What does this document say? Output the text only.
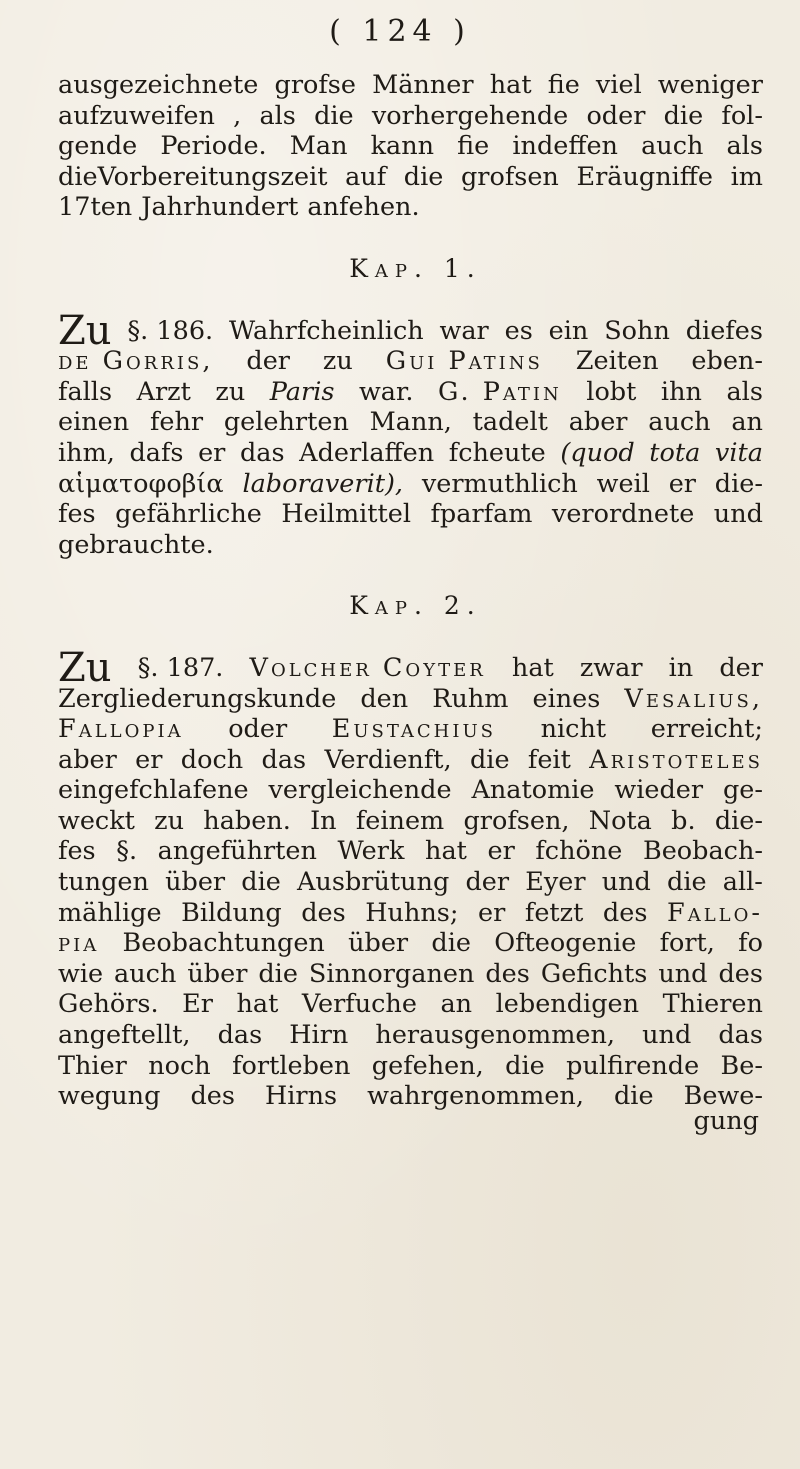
( 124 )
ausgezeichnete grofse Männer hat fie viel weniger
aufzuweifen , als die vorhergehende oder die fol-
gende Periode. Man kann fie indeffen auch als
dieVorbereitungszeit auf die grofsen Eräugniffe im
17ten Jahrhundert anfehen.
Kap. 1.
Zu §. 186. Wahrfcheinlich war es ein Sohn diefes
de Gorris, der zu Gui Patins Zeiten eben-
falls Arzt zu Paris war. G. Patin lobt ihn als
einen fehr gelehrten Mann, tadelt aber auch an
ihm, dafs er das Aderlaffen fcheute (quod tota vita
αἱματοφοβία laboraverit), vermuthlich weil er die-
fes gefährliche Heilmittel fparfam verordnete und
gebrauchte.
Kap. 2.
Zu §. 187. Volcher Coyter hat zwar in der
Zergliederungskunde den Ruhm eines Vesalius,
Fallopia oder Eustachius nicht erreicht;
aber er doch das Verdienft, die feit Aristoteles
eingefchlafene vergleichende Anatomie wieder ge-
weckt zu haben. In feinem grofsen, Nota b. die-
fes §. angeführten Werk hat er fchöne Beobach-
tungen über die Ausbrütung der Eyer und die all-
mählige Bildung des Huhns; er fetzt des Fallo-
pia Beobachtungen über die Ofteogenie fort, fo
wie auch über die Sinnorganen des Gefichts und des
Gehörs. Er hat Verfuche an lebendigen Thieren
angeftellt, das Hirn herausgenommen, und das
Thier noch fortleben gefehen, die pulfirende Be-
wegung des Hirns wahrgenommen, die Bewe-
gung
